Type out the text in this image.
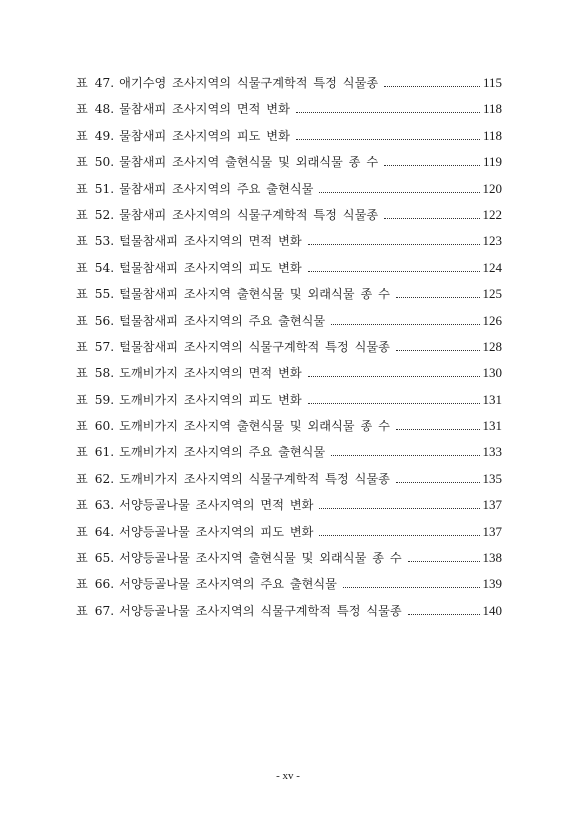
표 47. 애기수영 조사지역의 식물구계학적 특정 식물종	115
표 48. 물참새피 조사지역의 면적 변화	118
표 49. 물참새피 조사지역의 피도 변화	118
표 50. 물참새피 조사지역 출현식물 및 외래식물 종 수	119
표 51. 물참새피 조사지역의 주요 출현식물	120
표 52. 물참새피 조사지역의 식물구계학적 특정 식물종	122
표 53. 털물참새피 조사지역의 면적 변화	123
표 54. 털물참새피 조사지역의 피도 변화	124
표 55. 털물참새피 조사지역 출현식물 및 외래식물 종 수	125
표 56. 털물참새피 조사지역의 주요 출현식물	126
표 57. 털물참새피 조사지역의 식물구계학적 특정 식물종	128
표 58. 도깨비가지 조사지역의 면적 변화	130
표 59. 도깨비가지 조사지역의 피도 변화	131
표 60. 도깨비가지 조사지역 출현식물 및 외래식물 종 수	131
표 61. 도깨비가지 조사지역의 주요 출현식물	133
표 62. 도깨비가지 조사지역의 식물구계학적 특정 식물종	135
표 63. 서양등골나물 조사지역의 면적 변화	137
표 64. 서양등골나물 조사지역의 피도 변화	137
표 65. 서양등골나물 조사지역 출현식물 및 외래식물 종 수	138
표 66. 서양등골나물 조사지역의 주요 출현식물	139
표 67. 서양등골나물 조사지역의 식물구계학적 특정 식물종	140
- xv -
